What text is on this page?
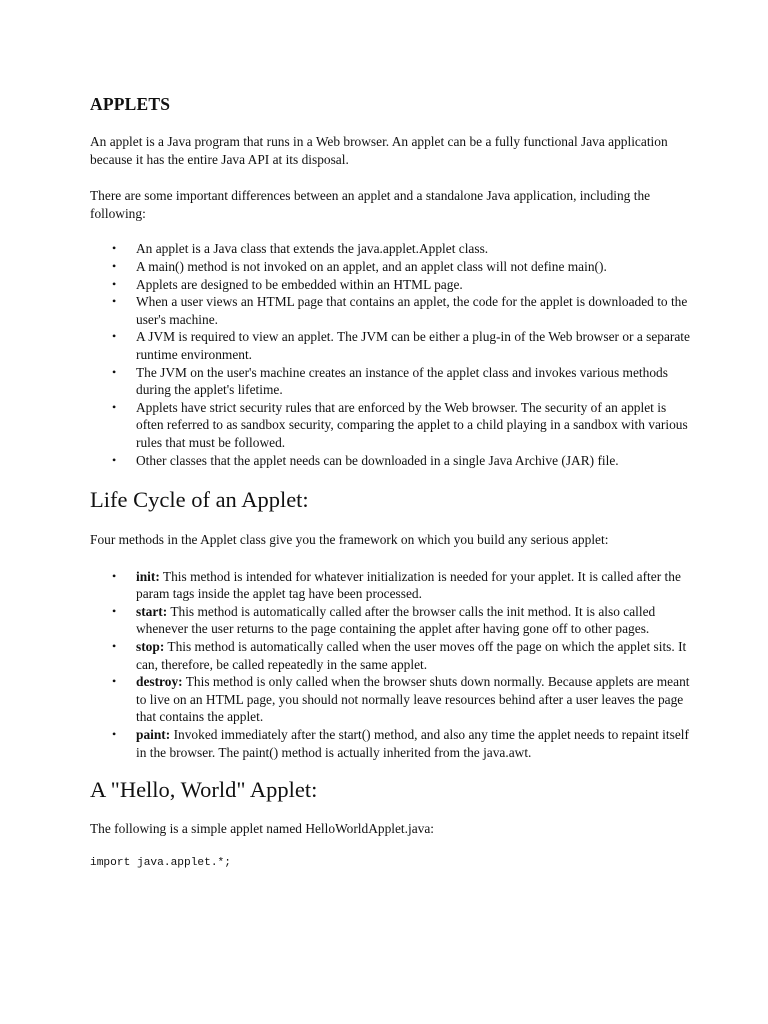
APPLETS

An applet is a Java program that runs in a Web browser. An applet can be a fully functional Java application because it has the entire Java API at its disposal.

There are some important differences between an applet and a standalone Java application, including the following:

• An applet is a Java class that extends the java.applet.Applet class.
• A main() method is not invoked on an applet, and an applet class will not define main().
• Applets are designed to be embedded within an HTML page.
• When a user views an HTML page that contains an applet, the code for the applet is downloaded to the user's machine.
• A JVM is required to view an applet. The JVM can be either a plug-in of the Web browser or a separate runtime environment.
• The JVM on the user's machine creates an instance of the applet class and invokes various methods during the applet's lifetime.
• Applets have strict security rules that are enforced by the Web browser. The security of an applet is often referred to as sandbox security, comparing the applet to a child playing in a sandbox with various rules that must be followed.
• Other classes that the applet needs can be downloaded in a single Java Archive (JAR) file.
Life Cycle of an Applet:

Four methods in the Applet class give you the framework on which you build any serious applet:

• init: This method is intended for whatever initialization is needed for your applet. It is called after the param tags inside the applet tag have been processed.
• start: This method is automatically called after the browser calls the init method. It is also called whenever the user returns to the page containing the applet after having gone off to other pages.
• stop: This method is automatically called when the user moves off the page on which the applet sits. It can, therefore, be called repeatedly in the same applet.
• destroy: This method is only called when the browser shuts down normally. Because applets are meant to live on an HTML page, you should not normally leave resources behind after a user leaves the page that contains the applet.
• paint: Invoked immediately after the start() method, and also any time the applet needs to repaint itself in the browser. The paint() method is actually inherited from the java.awt.
A "Hello, World" Applet:

The following is a simple applet named HelloWorldApplet.java:

import java.applet.*;
